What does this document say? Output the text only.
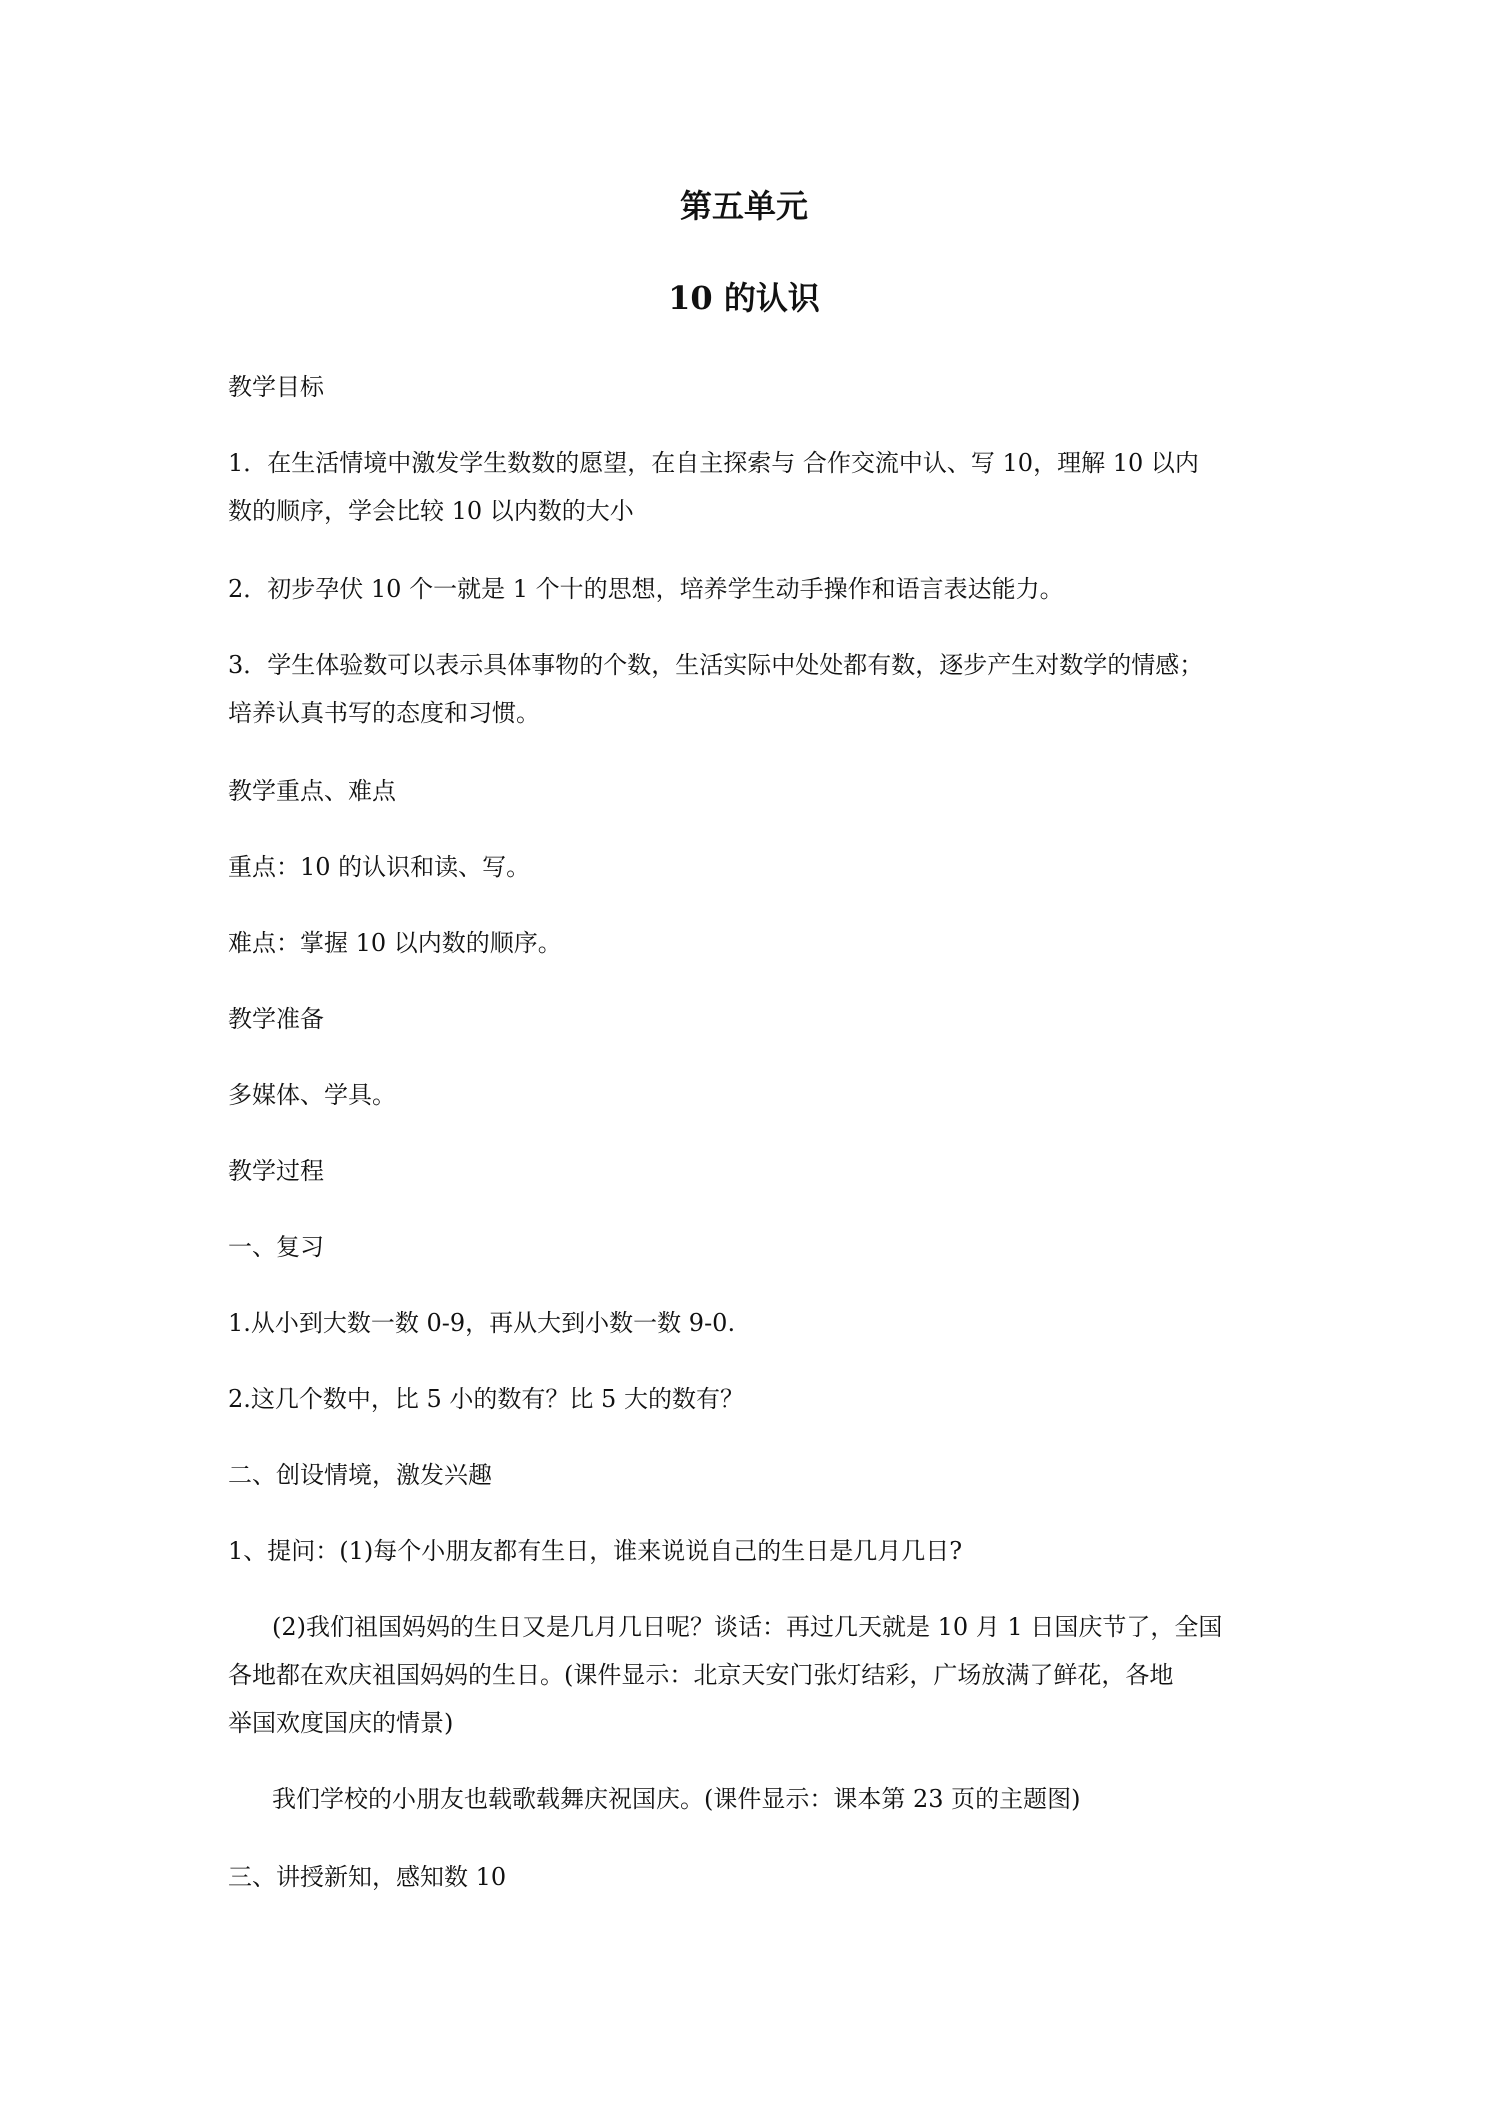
第五单元
10 的认识

教学目标

1．在生活情境中激发学生数数的愿望，在自主探索与 合作交流中认、写 10，理解 10 以内

数的顺序，学会比较 10 以内数的大小

2．初步孕伏 10 个一就是 1 个十的思想，培养学生动手操作和语言表达能力。

3．学生体验数可以表示具体事物的个数，生活实际中处处都有数，逐步产生对数学的情感；

培养认真书写的态度和习惯。

教学重点、难点

重点：10 的认识和读、写。

难点：掌握 10 以内数的顺序。

教学准备

多媒体、学具。

教学过程

一、复习

1.从小到大数一数 0-9，再从大到小数一数 9-0.

2.这几个数中，比 5 小的数有？比 5 大的数有？

二、创设情境，激发兴趣

1、提问：(1)每个小朋友都有生日，谁来说说自己的生日是几月几日?

(2)我们祖国妈妈的生日又是几月几日呢？谈话：再过几天就是 10 月 1 日国庆节了，全国

各地都在欢庆祖国妈妈的生日。(课件显示：北京天安门张灯结彩，广场放满了鲜花，各地

举国欢度国庆的情景)

我们学校的小朋友也载歌载舞庆祝国庆。(课件显示：课本第 23 页的主题图)

三、讲授新知，感知数 10
